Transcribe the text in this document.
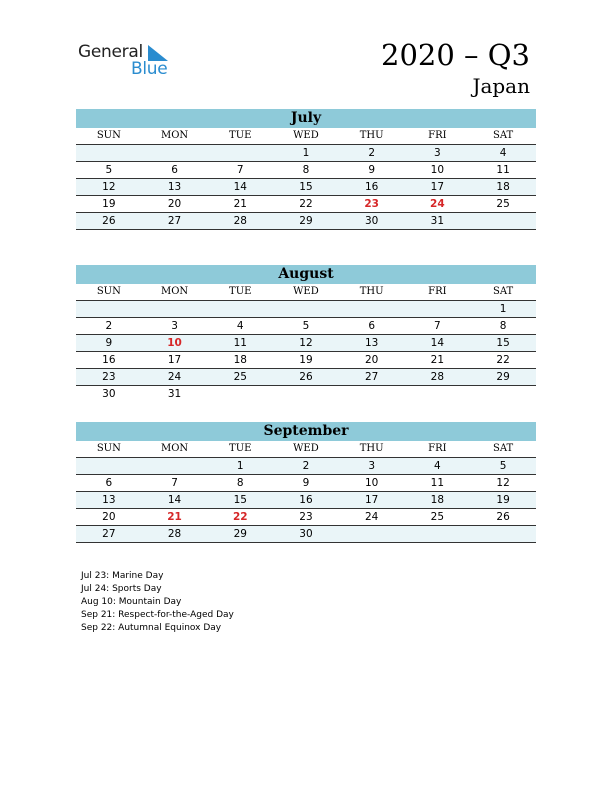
General
Blue	2020 – Q3
Japan
July
SUN	MON	TUE	WED	THU	FRI	SAT
			1	2	3	4
5	6	7	8	9	10	11
12	13	14	15	16	17	18
19	20	21	22	23	24	25
26	27	28	29	30	31	
August
SUN	MON	TUE	WED	THU	FRI	SAT
						1
2	3	4	5	6	7	8
9	10	11	12	13	14	15
16	17	18	19	20	21	22
23	24	25	26	27	28	29
30	31					
September
SUN	MON	TUE	WED	THU	FRI	SAT
		1	2	3	4	5
6	7	8	9	10	11	12
13	14	15	16	17	18	19
20	21	22	23	24	25	26
27	28	29	30			
Jul 23: Marine Day
Jul 24: Sports Day
Aug 10: Mountain Day
Sep 21: Respect-for-the-Aged Day
Sep 22: Autumnal Equinox Day
